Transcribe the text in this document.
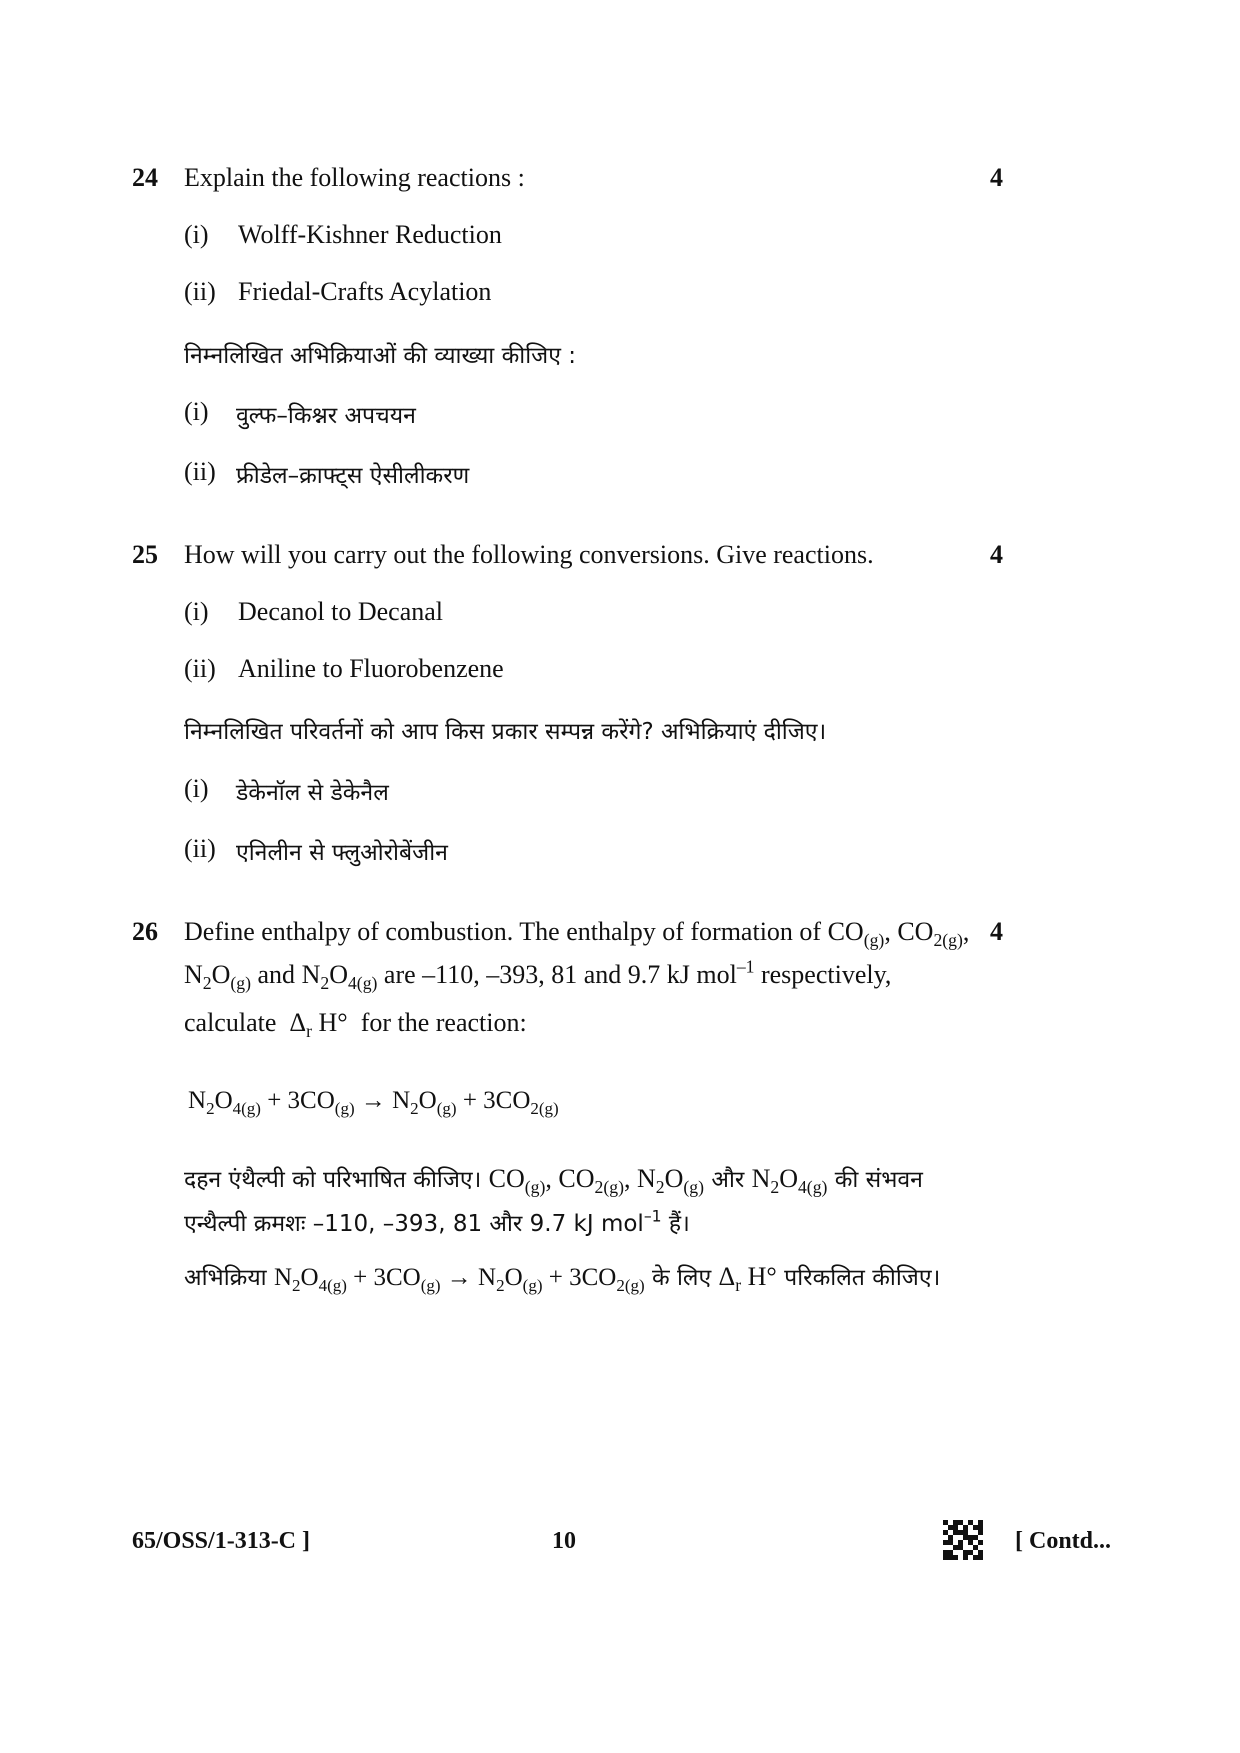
24 Explain the following reactions :	4
(i) Wolff-Kishner Reduction
(ii) Friedal-Crafts Acylation
निम्नलिखित अभिक्रियाओं की व्याख्या कीजिए :
(i) वुल्फ–किश्नर अपचयन
(ii) फ्रीडेल–क्राफ्ट्स ऐसीलीकरण
25 How will you carry out the following conversions. Give reactions.	4
(i) Decanol to Decanal
(ii) Aniline to Fluorobenzene
निम्नलिखित परिवर्तनों को आप किस प्रकार सम्पन्न करेंगे? अभिक्रियाएं दीजिए।
(i) डेकेनॉल से डेकेनैल
(ii) एनिलीन से फ्लुओरोबेंजीन
26	4
Define enthalpy of combustion. The enthalpy of formation of $CO_{(g)}$, $CO_{2(g)}$,
$N_2O_{(g)}$ and $N_2O_{4(g)}$ are –110, –393, 81 and 9.7 kJ mol$^{-1}$ respectively,
calculate  $\Delta_r$ H°  for the reaction:
$N_2O_{4(g)} + 3CO_{(g)} \to N_2O_{(g)} + 3CO_{2(g)}$
दहन एंथैल्पी को परिभाषित कीजिए। $CO_{(g)}$, $CO_{2(g)}$, $N_2O_{(g)}$ और $N_2O_{4(g)}$ की संभवन
एन्थैल्पी क्रमशः –110, –393, 81 और 9.7 kJ mol$^{-1}$ हैं।
अभिक्रिया $N_2O_{4(g)} + 3CO_{(g)} \to N_2O_{(g)} + 3CO_{2(g)}$ के लिए $\Delta_r$ H° परिकलित कीजिए।
65/OSS/1-313-C ]	10	[ Contd...
